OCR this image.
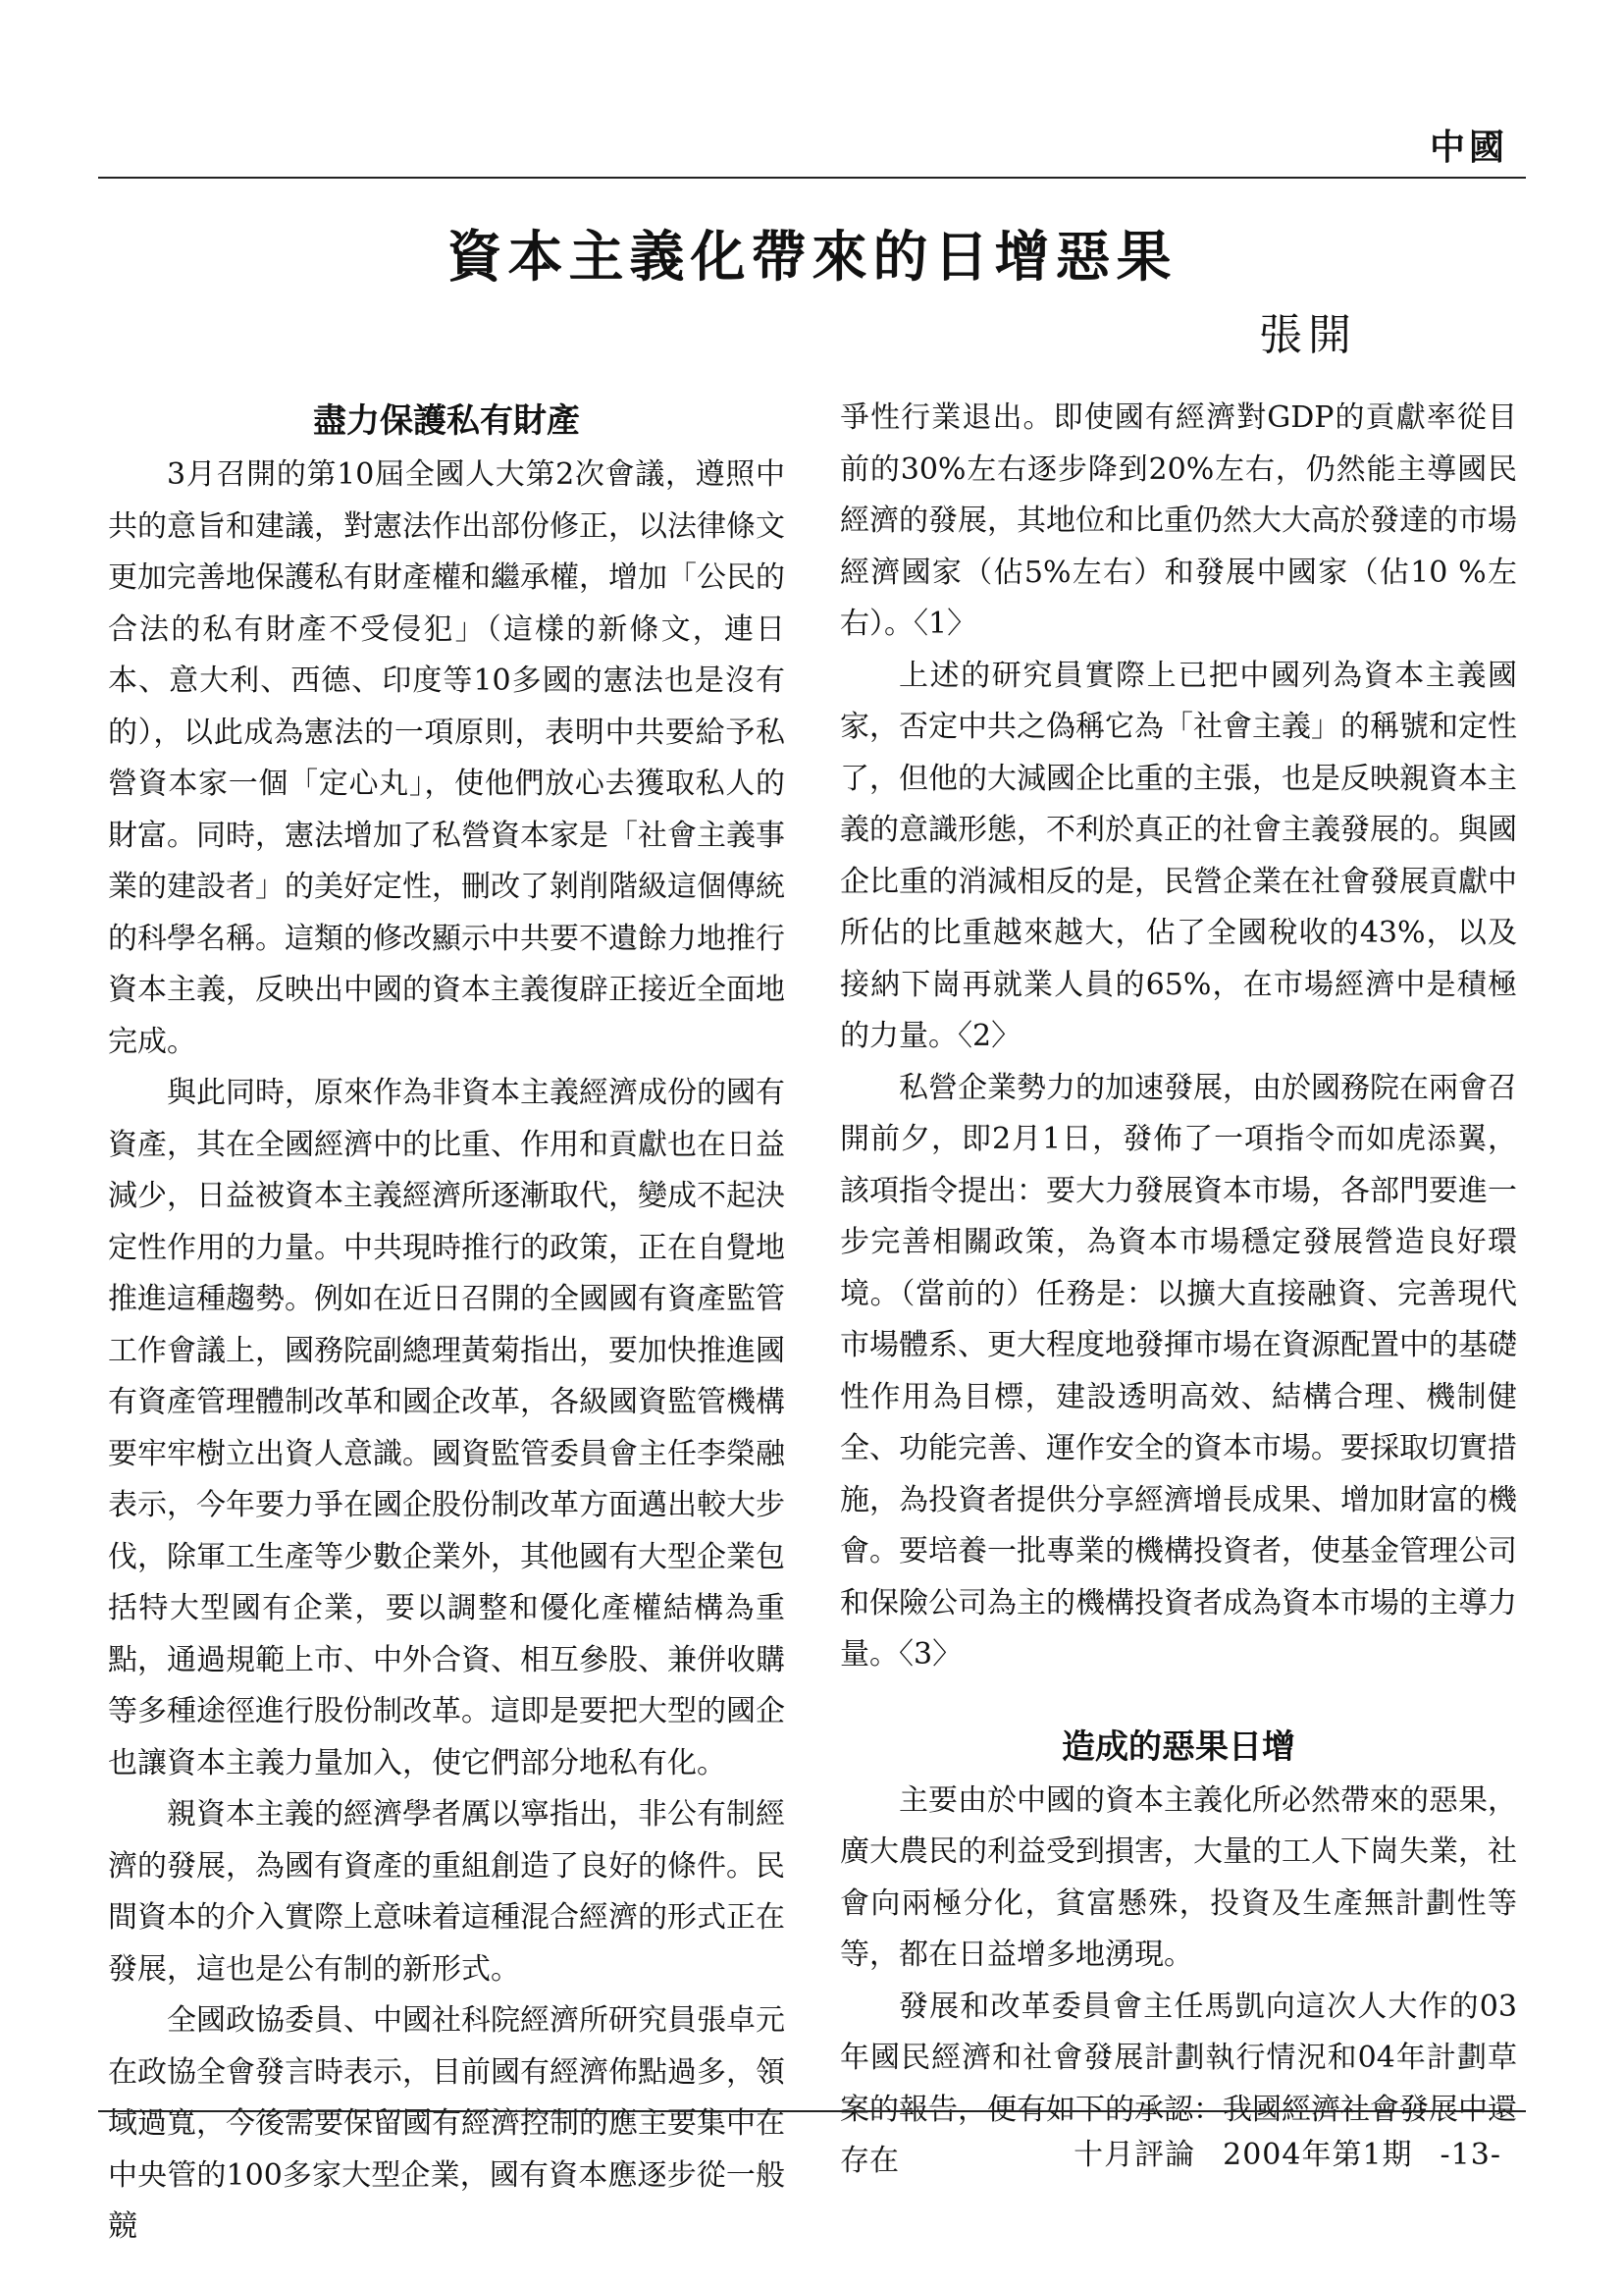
中國
資本主義化帶來的日增惡果
張開
盡力保護私有財產

3月召開的第10屆全國人大第2次會議，遵照中共的意旨和建議，對憲法作出部份修正，以法律條文更加完善地保護私有財產權和繼承權，增加「公民的合法的私有財產不受侵犯」（這樣的新條文，連日本、意大利、西德、印度等10多國的憲法也是沒有的），以此成為憲法的一項原則，表明中共要給予私營資本家一個「定心丸」，使他們放心去獲取私人的財富。同時，憲法增加了私營資本家是「社會主義事業的建設者」的美好定性，刪改了剝削階級這個傳統的科學名稱。這類的修改顯示中共要不遺餘力地推行資本主義，反映出中國的資本主義復辟正接近全面地完成。

與此同時，原來作為非資本主義經濟成份的國有資產，其在全國經濟中的比重、作用和貢獻也在日益減少，日益被資本主義經濟所逐漸取代，變成不起決定性作用的力量。中共現時推行的政策，正在自覺地推進這種趨勢。例如在近日召開的全國國有資產監管工作會議上，國務院副總理黃菊指出，要加快推進國有資產管理體制改革和國企改革，各級國資監管機構要牢牢樹立出資人意識。國資監管委員會主任李榮融表示，今年要力爭在國企股份制改革方面邁出較大步伐，除軍工生產等少數企業外，其他國有大型企業包括特大型國有企業，要以調整和優化產權結構為重點，通過規範上市、中外合資、相互參股、兼併收購等多種途徑進行股份制改革。這即是要把大型的國企也讓資本主義力量加入，使它們部分地私有化。

親資本主義的經濟學者厲以寧指出，非公有制經濟的發展，為國有資產的重組創造了良好的條件。民間資本的介入實際上意味着這種混合經濟的形式正在發展，這也是公有制的新形式。

全國政協委員、中國社科院經濟所研究員張卓元在政協全會發言時表示，目前國有經濟佈點過多，領域過寬，今後需要保留國有經濟控制的應主要集中在中央管的100多家大型企業，國有資本應逐步從一般競

爭性行業退出。即使國有經濟對GDP的貢獻率從目前的30%左右逐步降到20%左右，仍然能主導國民經濟的發展，其地位和比重仍然大大高於發達的市場經濟國家（佔5%左右）和發展中國家（佔10 %左右）。〈1〉

上述的研究員實際上已把中國列為資本主義國家，否定中共之偽稱它為「社會主義」的稱號和定性了，但他的大減國企比重的主張，也是反映親資本主義的意識形態，不利於真正的社會主義發展的。與國企比重的消減相反的是，民營企業在社會發展貢獻中所佔的比重越來越大，佔了全國稅收的43%，以及接納下崗再就業人員的65%，在市場經濟中是積極的力量。〈2〉

私營企業勢力的加速發展，由於國務院在兩會召開前夕，即2月1日，發佈了一項指令而如虎添翼，該項指令提出：要大力發展資本市場，各部門要進一步完善相關政策，為資本市場穩定發展營造良好環境。（當前的）任務是：以擴大直接融資、完善現代市場體系、更大程度地發揮市場在資源配置中的基礎性作用為目標，建設透明高效、結構合理、機制健全、功能完善、運作安全的資本市場。要採取切實措施，為投資者提供分享經濟增長成果、增加財富的機會。要培養一批專業的機構投資者，使基金管理公司和保險公司為主的機構投資者成為資本市場的主導力量。〈3〉

造成的惡果日增

主要由於中國的資本主義化所必然帶來的惡果，廣大農民的利益受到損害，大量的工人下崗失業，社會向兩極分化，貧富懸殊，投資及生產無計劃性等等，都在日益增多地湧現。

發展和改革委員會主任馬凱向這次人大作的03年國民經濟和社會發展計劃執行情況和04年計劃草案的報告，便有如下的承認：我國經濟社會發展中還存在	十月評論 2004年第1期 -13-
